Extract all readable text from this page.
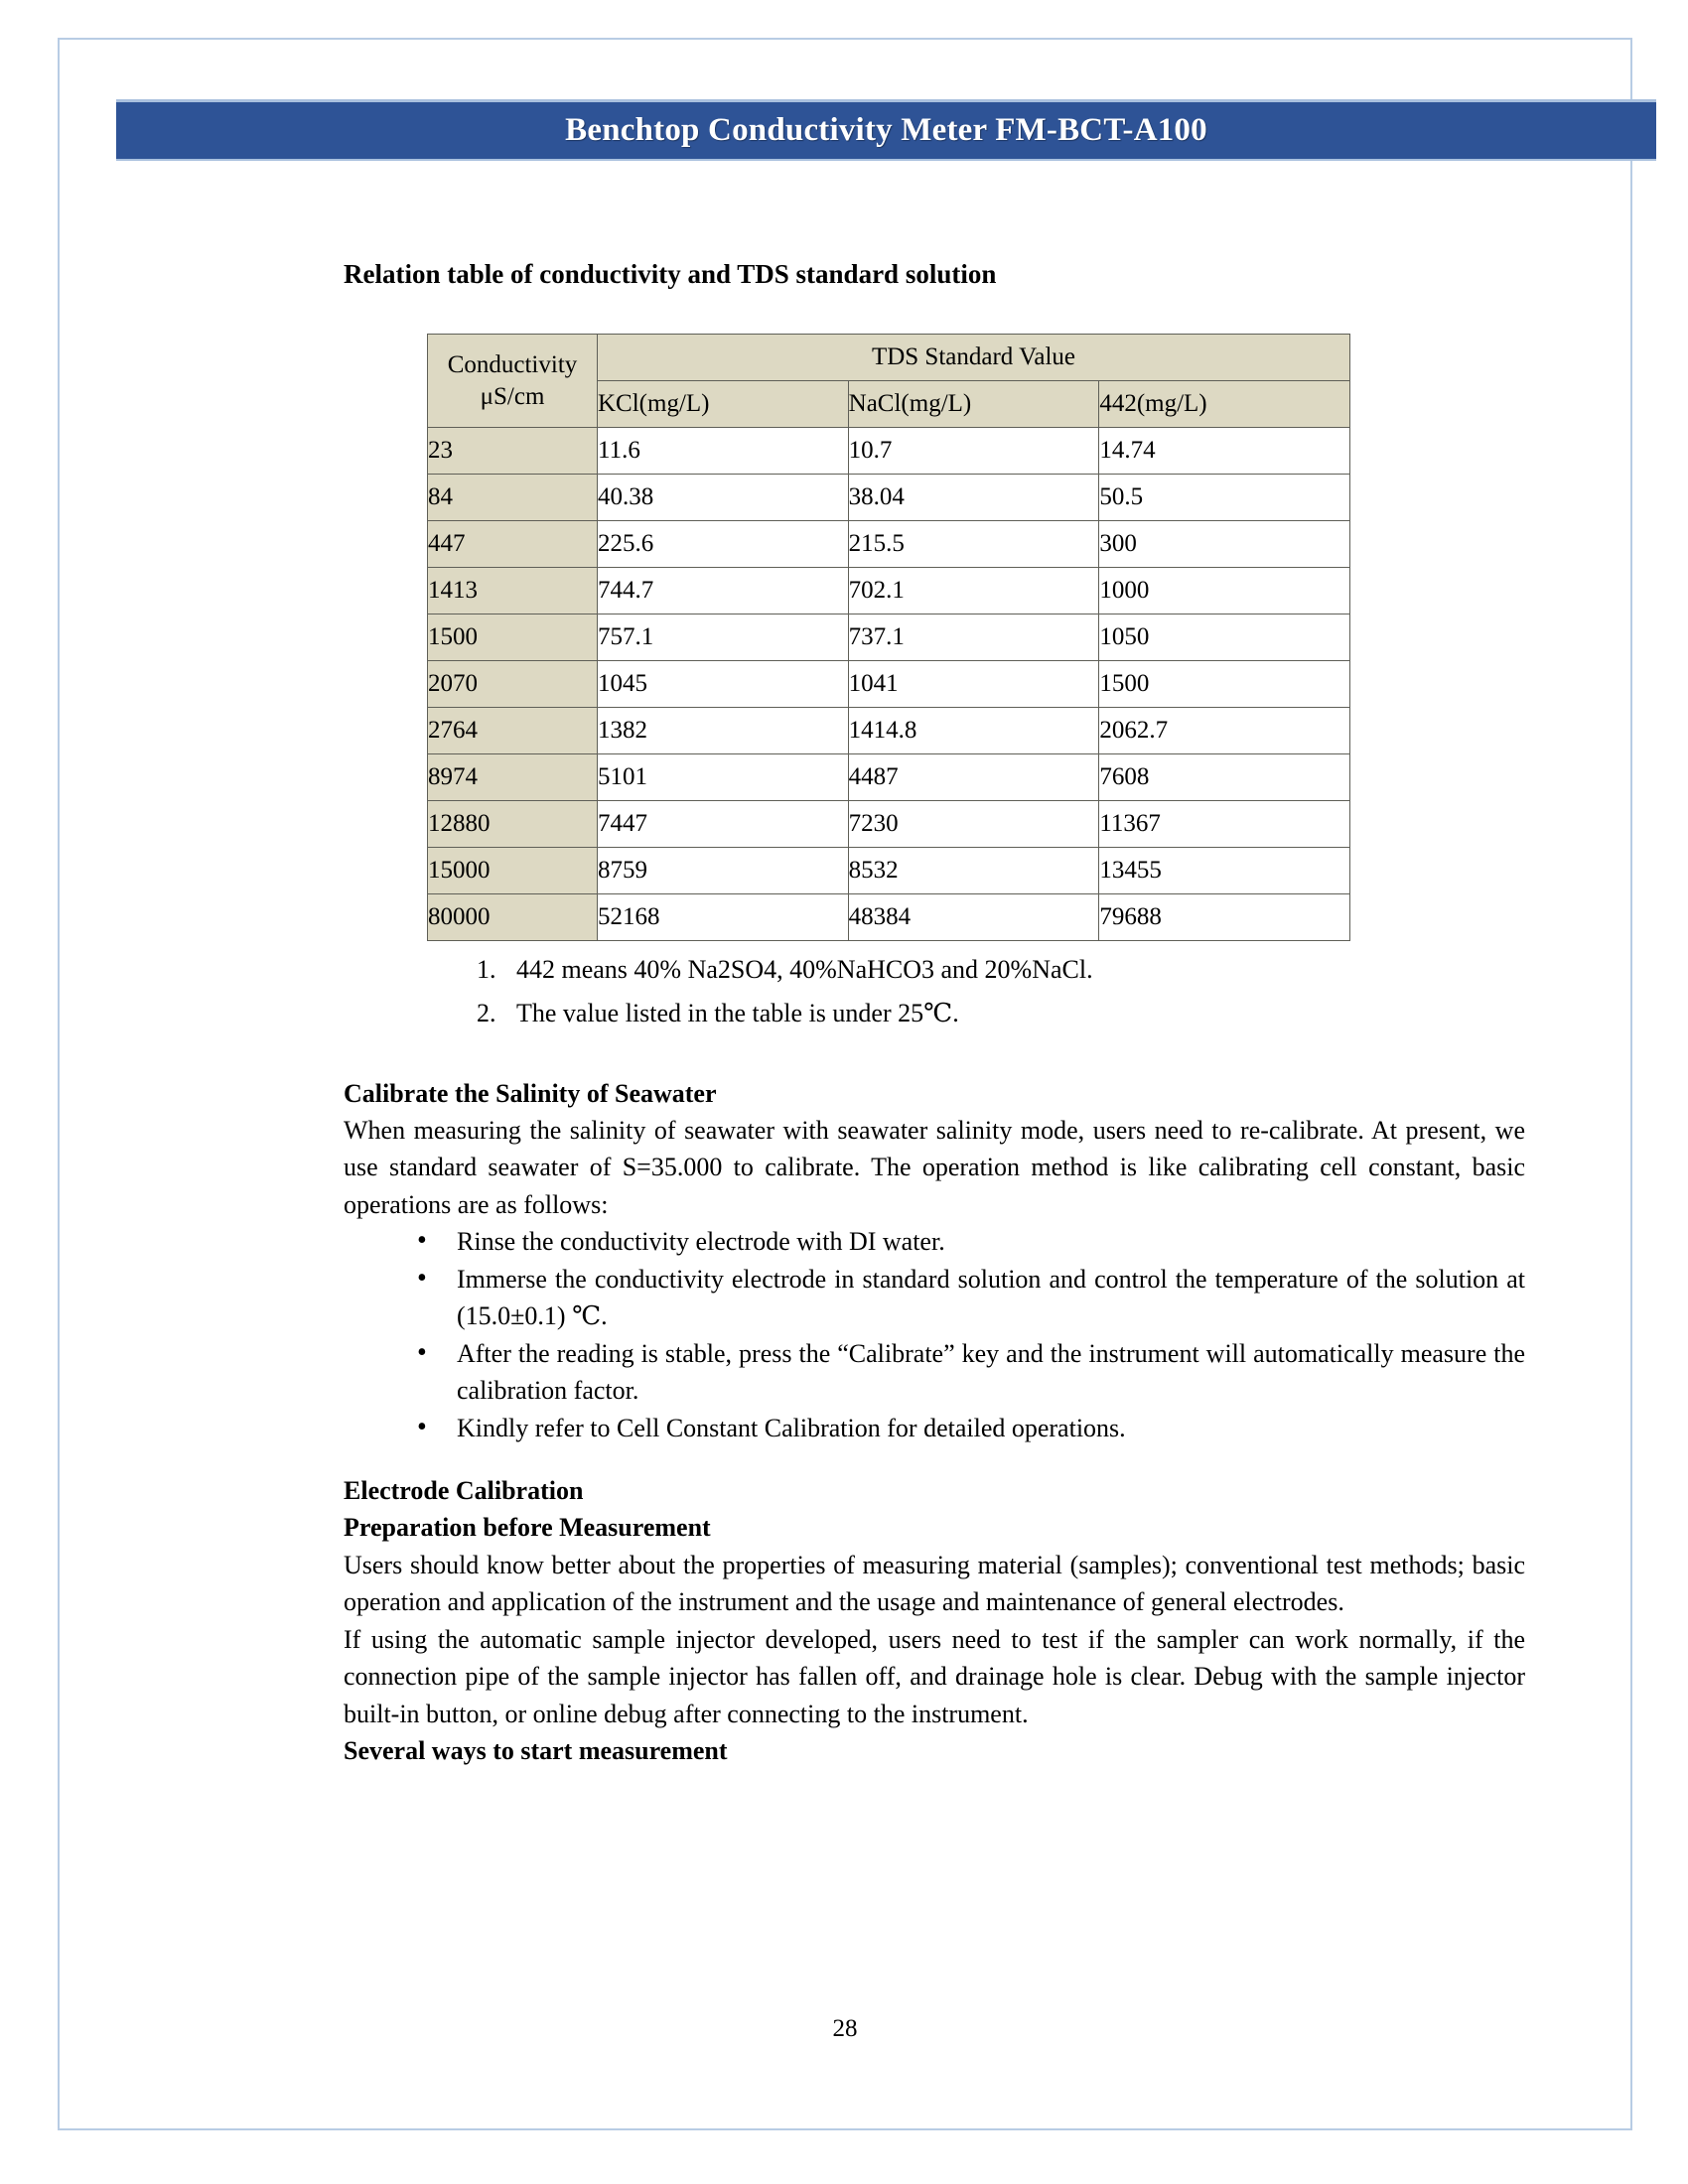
Benchtop Conductivity Meter FM-BCT-A100
Relation table of conductivity and TDS standard solution
Conductivity
μS/cm	TDS Standard Value		
	KCl(mg/L)	NaCl(mg/L)	442(mg/L)
23	11.6	10.7	14.74
84	40.38	38.04	50.5
447	225.6	215.5	300
1413	744.7	702.1	1000
1500	757.1	737.1	1050
2070	1045	1041	1500
2764	1382	1414.8	2062.7
8974	5101	4487	7608
12880	7447	7230	11367
15000	8759	8532	13455
80000	52168	48384	79688
1. 442 means 40% Na2SO4, 40%NaHCO3 and 20%NaCl.
2. The value listed in the table is under 25℃.
Calibrate the Salinity of Seawater

When measuring the salinity of seawater with seawater salinity mode, users need to re-calibrate. At present, we use standard seawater of S=35.000 to calibrate. The operation method is like calibrating cell constant, basic operations are as follows:

• Rinse the conductivity electrode with DI water.
• Immerse the conductivity electrode in standard solution and control the temperature of the solution at (15.0±0.1) ℃.
• After the reading is stable, press the “Calibrate” key and the instrument will automatically measure the calibration factor.
• Kindly refer to Cell Constant Calibration for detailed operations.
Electrode Calibration
Preparation before Measurement

Users should know better about the properties of measuring material (samples); conventional test methods; basic operation and application of the instrument and the usage and maintenance of general electrodes.

If using the automatic sample injector developed, users need to test if the sampler can work normally, if the connection pipe of the sample injector has fallen off, and drainage hole is clear. Debug with the sample injector built-in button, or online debug after connecting to the instrument.

Several ways to start measurement
28
